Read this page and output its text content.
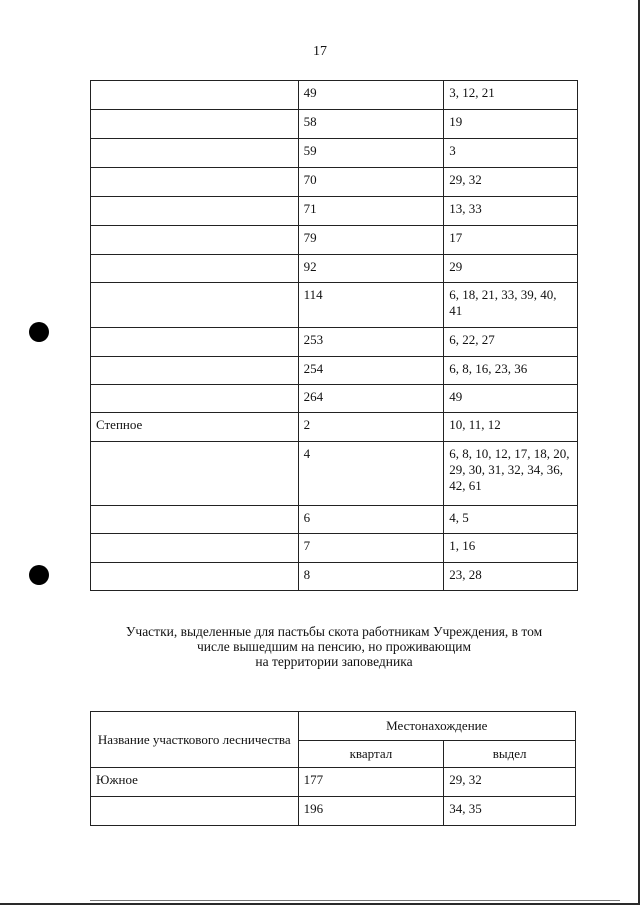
17
	49	3, 12, 21
	58	19
	59	3
	70	29, 32
	71	13, 33
	79	17
	92	29
	114	6, 18, 21, 33, 39, 40, 41
	253	6, 22, 27
	254	6, 8, 16, 23, 36
	264	49
Степное	2	10, 11, 12
	4	6, 8, 10, 12, 17, 18, 20, 29, 30, 31, 32, 34, 36, 42, 61
	6	4, 5
	7	1, 16
	8	23, 28
Участки, выделенные для пастьбы скота работникам Учреждения, в том
числе вышедшим на пенсию, но проживающим
на территории заповедника
Название участкового лесничества	Местонахождение	
	квартал	выдел
Южное	177	29, 32
	196	34, 35
